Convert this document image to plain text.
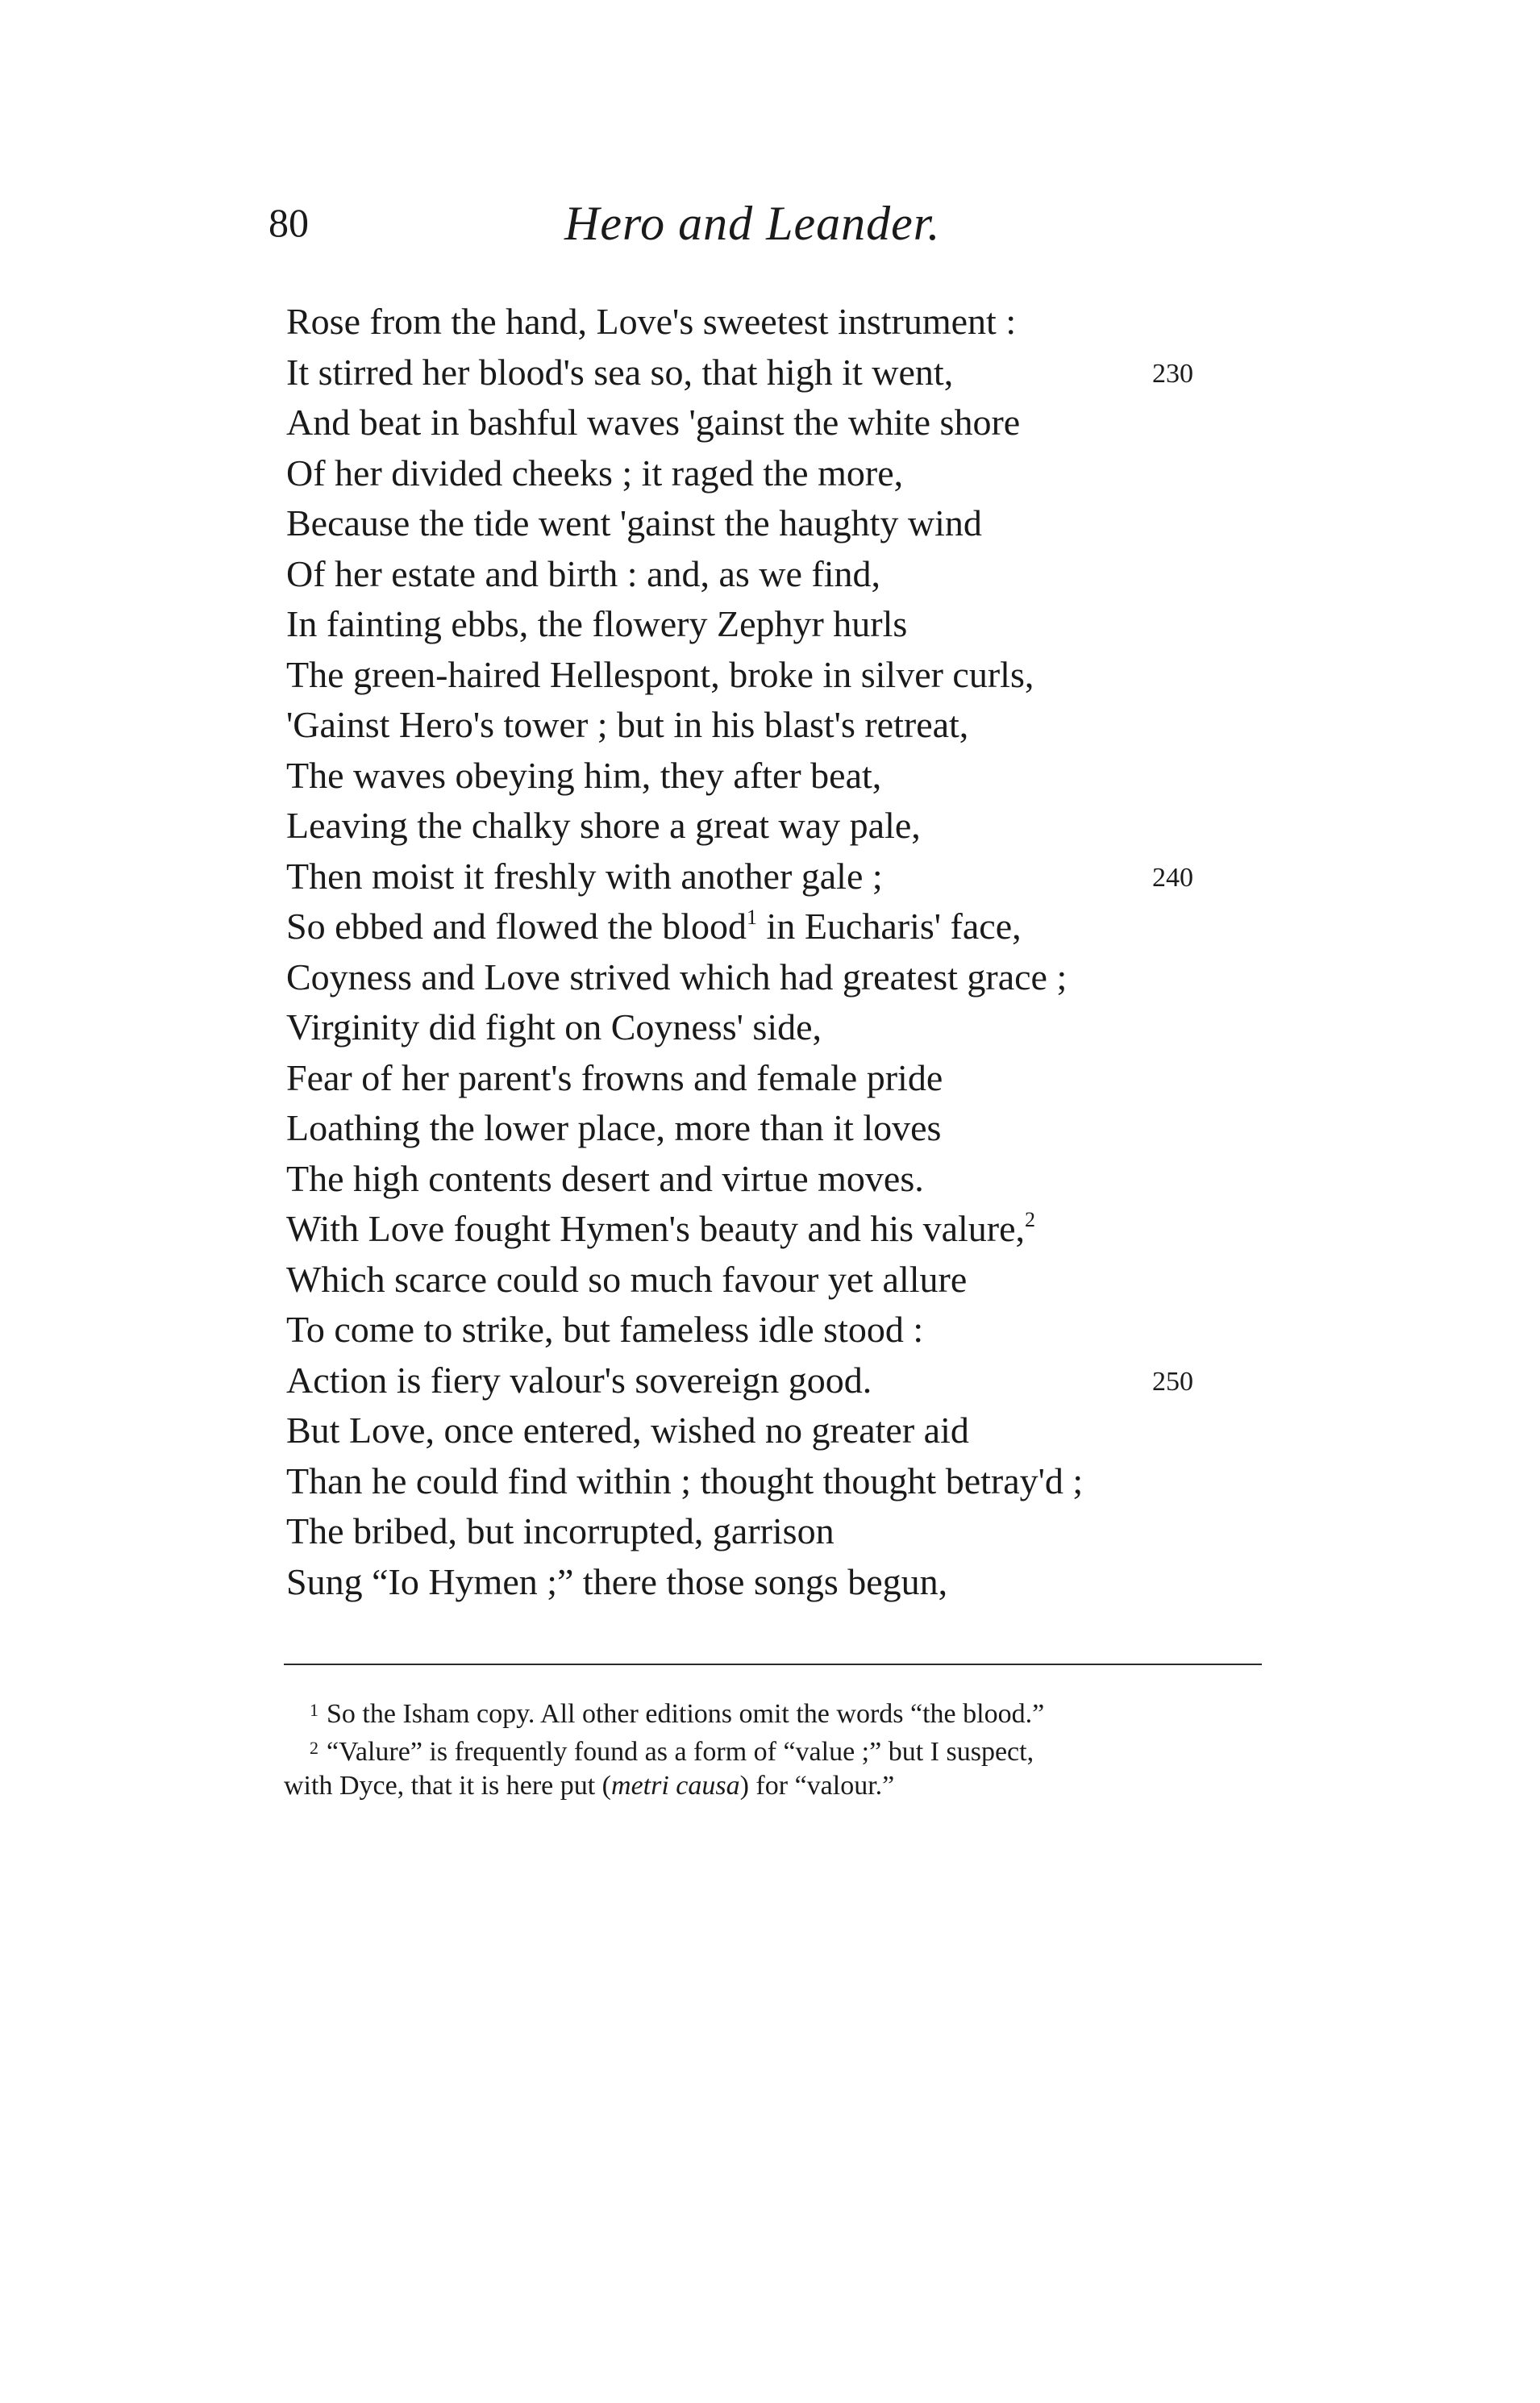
80	Hero and Leander.
Rose from the hand, Love's sweetest instrument :
It stirred her blood's sea so, that high it went,	230
And beat in bashful waves 'gainst the white shore
Of her divided cheeks ; it raged the more,
Because the tide went 'gainst the haughty wind
Of her estate and birth : and, as we find,
In fainting ebbs, the flowery Zephyr hurls
The green-haired Hellespont, broke in silver curls,
'Gainst Hero's tower ; but in his blast's retreat,
The waves obeying him, they after beat,
Leaving the chalky shore a great way pale,
Then moist it freshly with another gale ;	240
So ebbed and flowed the blood$^1$ in Eucharis' face,
Coyness and Love strived which had greatest grace ;
Virginity did fight on Coyness' side,
Fear of her parent's frowns and female pride
Loathing the lower place, more than it loves
The high contents desert and virtue moves.
With Love fought Hymen's beauty and his valure,$^2$
Which scarce could so much favour yet allure
To come to strike, but fameless idle stood :
Action is fiery valour's sovereign good.	250
But Love, once entered, wished no greater aid
Than he could find within ; thought thought betray'd ;
The bribed, but incorrupted, garrison
Sung “Io Hymen ;” there those songs begun,
$^1$ So the Isham copy. All other editions omit the words “the blood.”
$^2$ “Valure” is frequently found as a form of “value ;” but I suspect,
with Dyce, that it is here put (metri causa) for “valour.”
